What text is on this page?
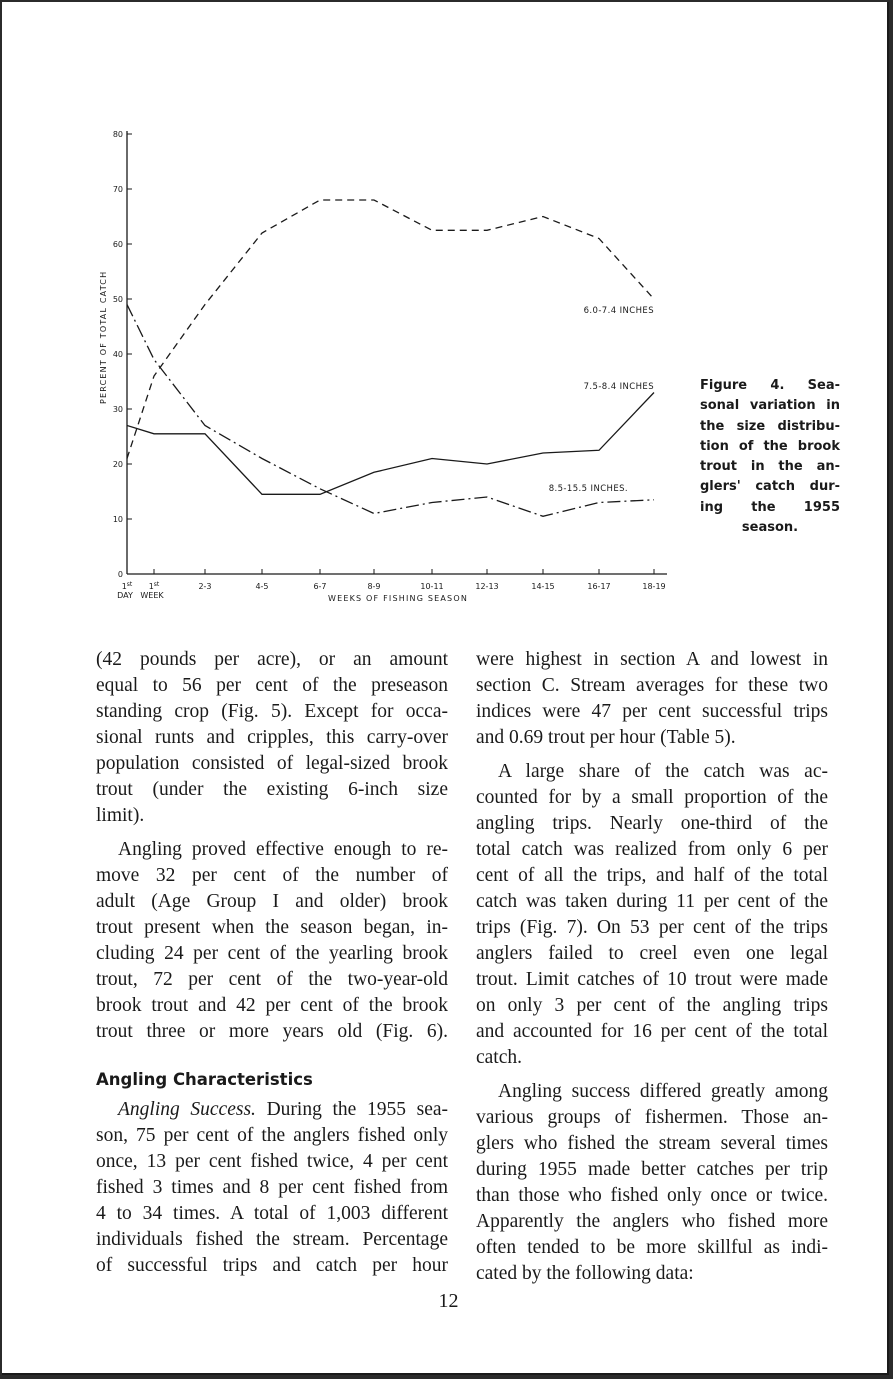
0
10
20
30
40
50
60
70
80
1st
DAY
1st
WEEK
2-3	4-5	6-7	8-9	10-11	12-13	14-15	16-17	18-19
6.0-7.4 INCHES
7.5-8.4 INCHES
8.5-15.5 INCHES.
PERCENT OF TOTAL CATCH
WEEKS OF FISHING SEASON
Figure 4. Sea-
sonal variation in
the size distribu-
tion of the brook
trout in the an-
glers' catch dur-
ing the 1955
season.

(42 pounds per acre), or an amount
equal to 56 per cent of the preseason
standing crop (Fig. 5). Except for occa-
sional runts and cripples, this carry-over
population consisted of legal-sized brook
trout (under the existing 6-inch size
limit).

Angling proved effective enough to re-
move 32 per cent of the number of
adult (Age Group I and older) brook
trout present when the season began, in-
cluding 24 per cent of the yearling brook
trout, 72 per cent of the two-year-old
brook trout and 42 per cent of the brook
trout three or more years old (Fig. 6).

Angling Characteristics

Angling Success. During the 1955 sea-
son, 75 per cent of the anglers fished only
once, 13 per cent fished twice, 4 per cent
fished 3 times and 8 per cent fished from
4 to 34 times. A total of 1,003 different
individuals fished the stream. Percentage
of successful trips and catch per hour

were highest in section A and lowest in
section C. Stream averages for these two
indices were 47 per cent successful trips
and 0.69 trout per hour (Table 5).

A large share of the catch was ac-
counted for by a small proportion of the
angling trips. Nearly one-third of the
total catch was realized from only 6 per
cent of all the trips, and half of the total
catch was taken during 11 per cent of the
trips (Fig. 7). On 53 per cent of the trips
anglers failed to creel even one legal
trout. Limit catches of 10 trout were made
on only 3 per cent of the angling trips
and accounted for 16 per cent of the total
catch.

Angling success differed greatly among
various groups of fishermen. Those an-
glers who fished the stream several times
during 1955 made better catches per trip
than those who fished only once or twice.
Apparently the anglers who fished more
often tended to be more skillful as indi-
cated by the following data:

12
